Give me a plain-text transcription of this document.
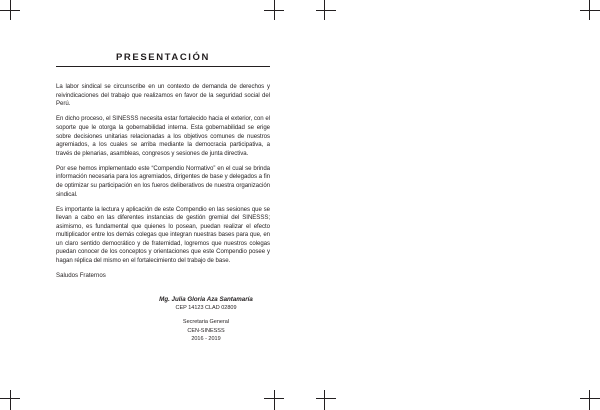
PRESENTACIÓN

La labor sindical se circunscribe en un contexto de demanda de derechos y reivindicaciones del trabajo que realizamos en favor de la seguridad social del Perú.

En dicho proceso, el SINESSS necesita estar fortalecido hacia el exterior, con el soporte que le otorga la gobernabilidad interna. Esta gobernabilidad se erige sobre decisiones unitarias relacionadas a los objetivos comunes de nuestros agremiados, a los cuales se arriba mediante la democracia participativa, a través de plenarias, asambleas, congresos y sesiones de junta directiva.

Por ese hemos implementado este “Compendio Normativo” en el cual se brinda información necesaria para los agremiados, dirigentes de base y delegados a fin de optimizar su participación en los fueros deliberativos de nuestra organización sindical.

Es importante la lectura y aplicación de este Compendio en las sesiones que se llevan a cabo en las diferentes instancias de gestión gremial del SINESSS; asimismo, es fundamental que quienes lo posean, puedan realizar el efecto multiplicador entre los demás colegas que integran nuestras bases para que, en un claro sentido democrático y de fraternidad, logremos que nuestros colegas puedan conocer de los conceptos y orientaciones que este Compendio posee y hagan réplica del mismo en el fortalecimiento del trabajo de base.

Saludos Fraternos

Mg. Julia Gloria Aza Santamaría

CEP 14123 CLAD 02809

Secretaria General

CEN-SINESSS

2016 - 2019
